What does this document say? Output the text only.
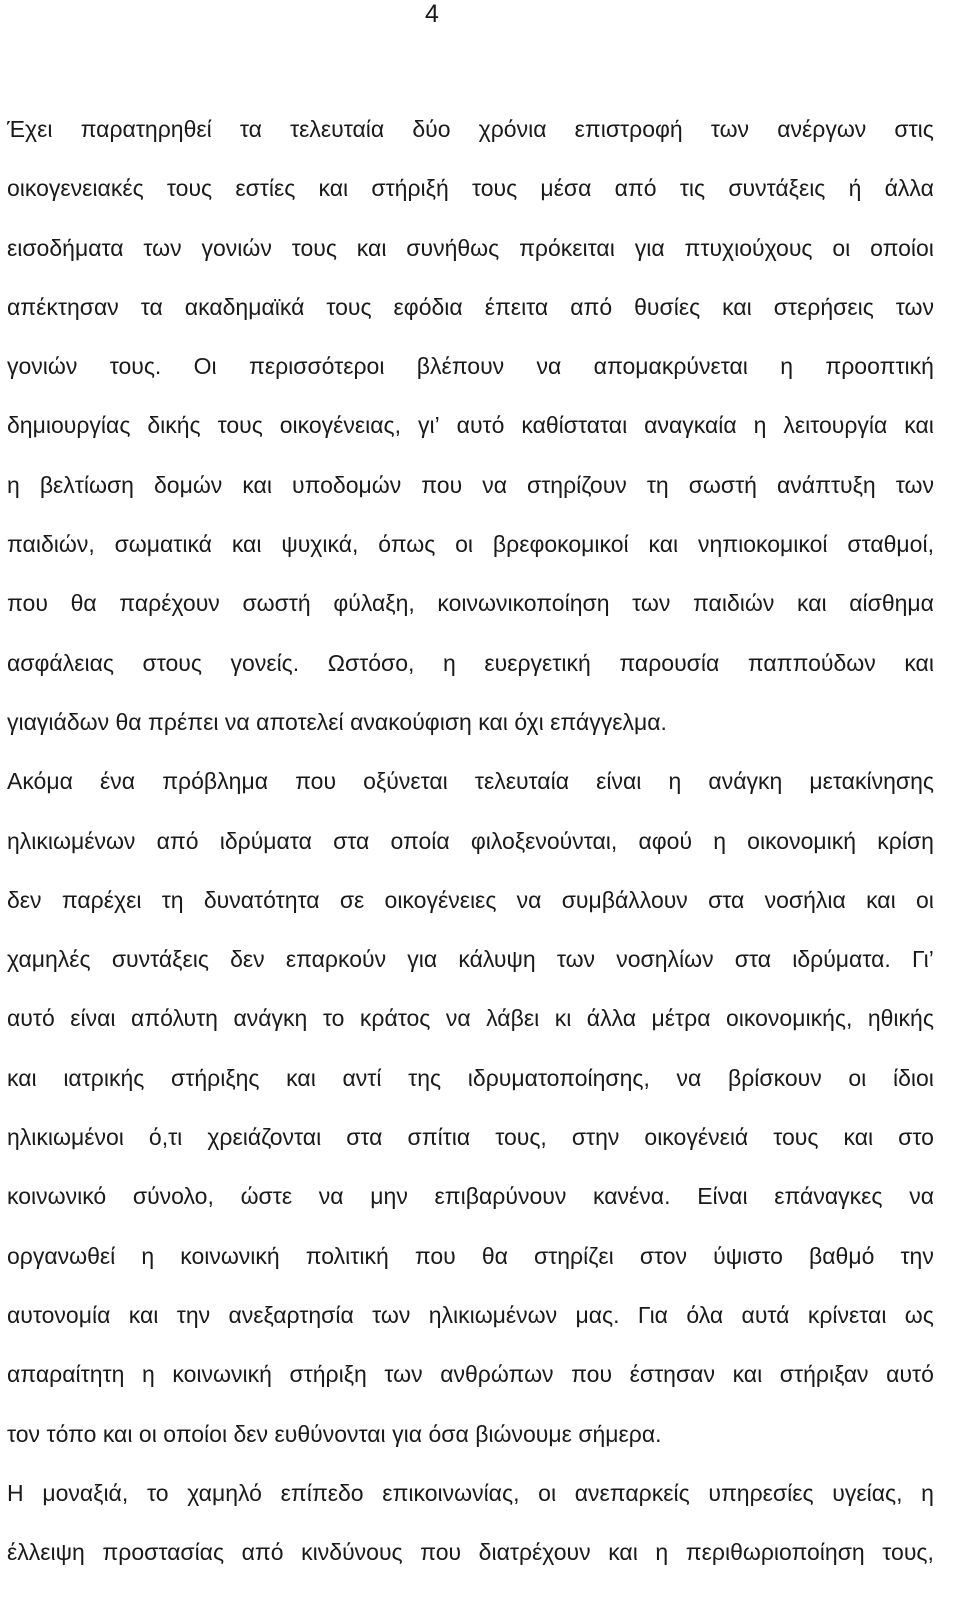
4
Έχει παρατηρηθεί τα τελευταία δύο χρόνια επιστροφή των ανέργων στις
οικογενειακές τους εστίες και στήριξή τους μέσα από τις συντάξεις ή άλλα
εισοδήματα των γονιών τους και συνήθως πρόκειται για πτυχιούχους οι οποίοι
απέκτησαν τα ακαδημαϊκά τους εφόδια έπειτα από θυσίες και στερήσεις των
γονιών τους. Οι περισσότεροι βλέπουν να απομακρύνεται η προοπτική
δημιουργίας δικής τους οικογένειας, γι’ αυτό καθίσταται αναγκαία η λειτουργία και
η βελτίωση δομών και υποδομών που να στηρίζουν τη σωστή ανάπτυξη των
παιδιών, σωματικά και ψυχικά, όπως οι βρεφοκομικοί και νηπιοκομικοί σταθμοί,
που θα παρέχουν σωστή φύλαξη, κοινωνικοποίηση των παιδιών και αίσθημα
ασφάλειας στους γονείς. Ωστόσο, η ευεργετική παρουσία παππούδων και
γιαγιάδων θα πρέπει να αποτελεί ανακούφιση και όχι επάγγελμα.
Ακόμα ένα πρόβλημα που οξύνεται τελευταία είναι η ανάγκη μετακίνησης
ηλικιωμένων από ιδρύματα στα οποία φιλοξενούνται, αφού η οικονομική κρίση
δεν παρέχει τη δυνατότητα σε οικογένειες να συμβάλλουν στα νοσήλια και οι
χαμηλές συντάξεις δεν επαρκούν για κάλυψη των νοσηλίων στα ιδρύματα. Γι’
αυτό είναι απόλυτη ανάγκη το κράτος να λάβει κι άλλα μέτρα οικονομικής, ηθικής
και ιατρικής στήριξης και αντί της ιδρυματοποίησης, να βρίσκουν οι ίδιοι
ηλικιωμένοι ό,τι χρειάζονται στα σπίτια τους, στην οικογένειά τους και στο
κοινωνικό σύνολο, ώστε να μην επιβαρύνουν κανένα. Είναι επάναγκες να
οργανωθεί η κοινωνική πολιτική που θα στηρίζει στον ύψιστο βαθμό την
αυτονομία και την ανεξαρτησία των ηλικιωμένων μας. Για όλα αυτά κρίνεται ως
απαραίτητη η κοινωνική στήριξη των ανθρώπων που έστησαν και στήριξαν αυτό
τον τόπο και οι οποίοι δεν ευθύνονται για όσα βιώνουμε σήμερα.
Η μοναξιά, το χαμηλό επίπεδο επικοινωνίας, οι ανεπαρκείς υπηρεσίες υγείας, η
έλλειψη προστασίας από κινδύνους που διατρέχουν και η περιθωριοποίηση τους,
